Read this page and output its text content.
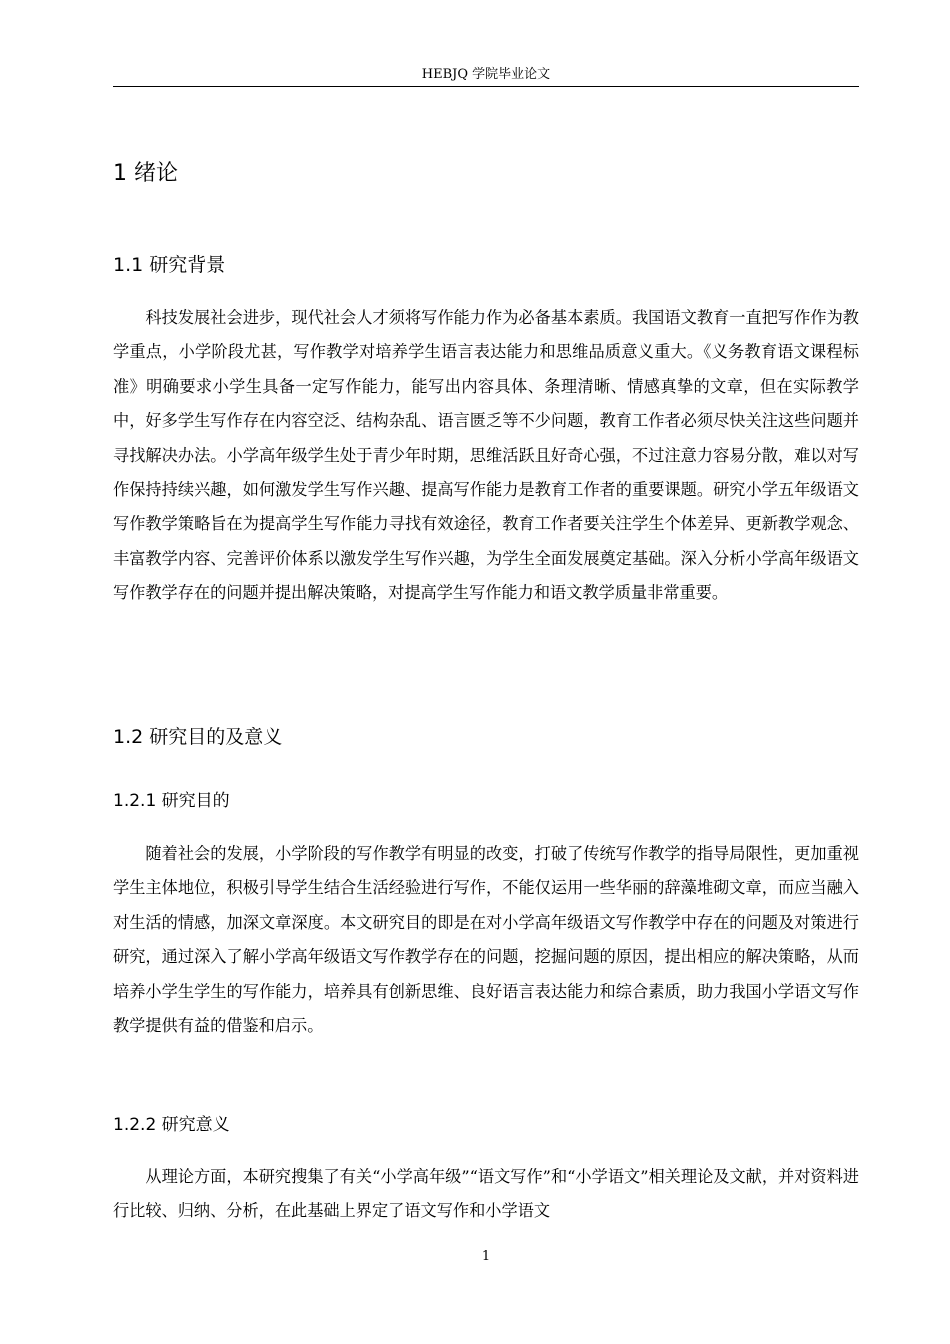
HEBJQ 学院毕业论文
1 绪论
1.1 研究背景

科技发展社会进步，现代社会人才须将写作能力作为必备基本素质。我国语文教育一直把写作作为教学重点，小学阶段尤甚，写作教学对培养学生语言表达能力和思维品质意义重大。《义务教育语文课程标准》明确要求小学生具备一定写作能力，能写出内容具体、条理清晰、情感真挚的文章，但在实际教学中，好多学生写作存在内容空泛、结构杂乱、语言匮乏等不少问题，教育工作者必须尽快关注这些问题并寻找解决办法。小学高年级学生处于青少年时期，思维活跃且好奇心强，不过注意力容易分散，难以对写作保持持续兴趣，如何激发学生写作兴趣、提高写作能力是教育工作者的重要课题。研究小学五年级语文写作教学策略旨在为提高学生写作能力寻找有效途径，教育工作者要关注学生个体差异、更新教学观念、丰富教学内容、完善评价体系以激发学生写作兴趣，为学生全面发展奠定基础。深入分析小学高年级语文写作教学存在的问题并提出解决策略，对提高学生写作能力和语文教学质量非常重要。

1.2 研究目的及意义
1.2.1 研究目的

随着社会的发展，小学阶段的写作教学有明显的改变，打破了传统写作教学的指导局限性，更加重视学生主体地位，积极引导学生结合生活经验进行写作，不能仅运用一些华丽的辞藻堆砌文章，而应当融入对生活的情感，加深文章深度。本文研究目的即是在对小学高年级语文写作教学中存在的问题及对策进行研究，通过深入了解小学高年级语文写作教学存在的问题，挖掘问题的原因，提出相应的解决策略，从而培养小学生学生的写作能力，培养具有创新思维、良好语言表达能力和综合素质，助力我国小学语文写作教学提供有益的借鉴和启示。

1.2.2 研究意义

从理论方面，本研究搜集了有关“小学高年级”“语文写作”和“小学语文”相关理论及文献，并对资料进行比较、归纳、分析，在此基础上界定了语文写作和小学语文

1
